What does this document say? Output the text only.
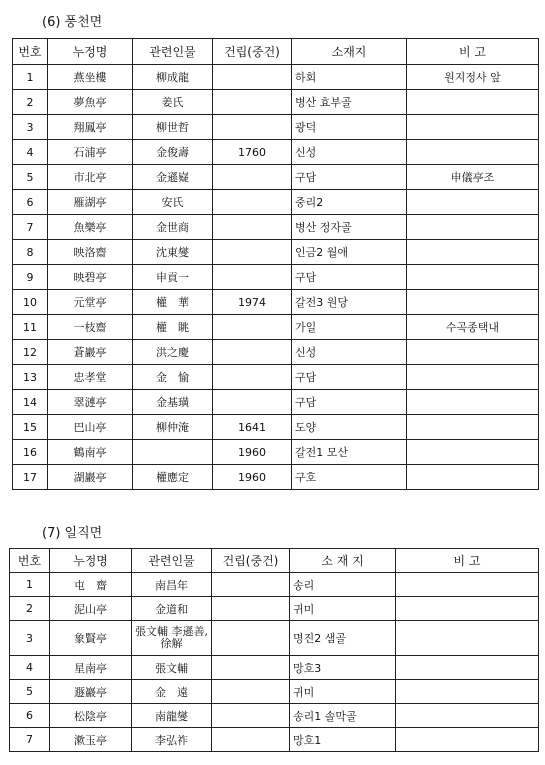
(6) 풍천면
번호	누정명	관련인물	건립(중건)	소재지	비 고
1	燕坐樓	柳成龍		하회	원지정사 앞
2	夢魚亭	姜氏		병산 효부골	
3	翔鳳亭	柳世哲		광덕	
4	石浦亭	金俊壽	1760	신성	
5	市北亭	金遜嶷		구담	申儀亭조
6	雁湖亭	安氏		중리2	
7	魚樂亭	金世商		병산 정자골	
8	映洛齋	沈東燮		인금2 월애	
9	映碧亭	申貢一		구담	
10	元堂亭	權　華	1974	갈전3 원당	
11	一枝齋	權　眺		가일	수곡종택내
12	蒼巖亭	洪之慶		신성	
13	忠孝堂	金　愉		구담	
14	翠漣亭	金基璜		구담	
15	巴山亭	柳仲淹	1641	도양	
16	鶴南亭		1960	갈전1 모산	
17	湖巖亭	權應定	1960	구호	
(7) 일직면
번호	누정명	관련인물	건립(중건)	소 재 지	비 고
1	屯　齋	南昌年		송리	
2	泥山亭	金道和		귀미	
3	象賢亭	張文輔 李遜善, 徐解		명진2 샘골	
4	星南亭	張文輔		망호3	
5	遯巖亭	金　遠		귀미	
6	松陰亭	南龍燮		송리1 솔막골	
7	漱玉亭	李弘祚		망호1	
